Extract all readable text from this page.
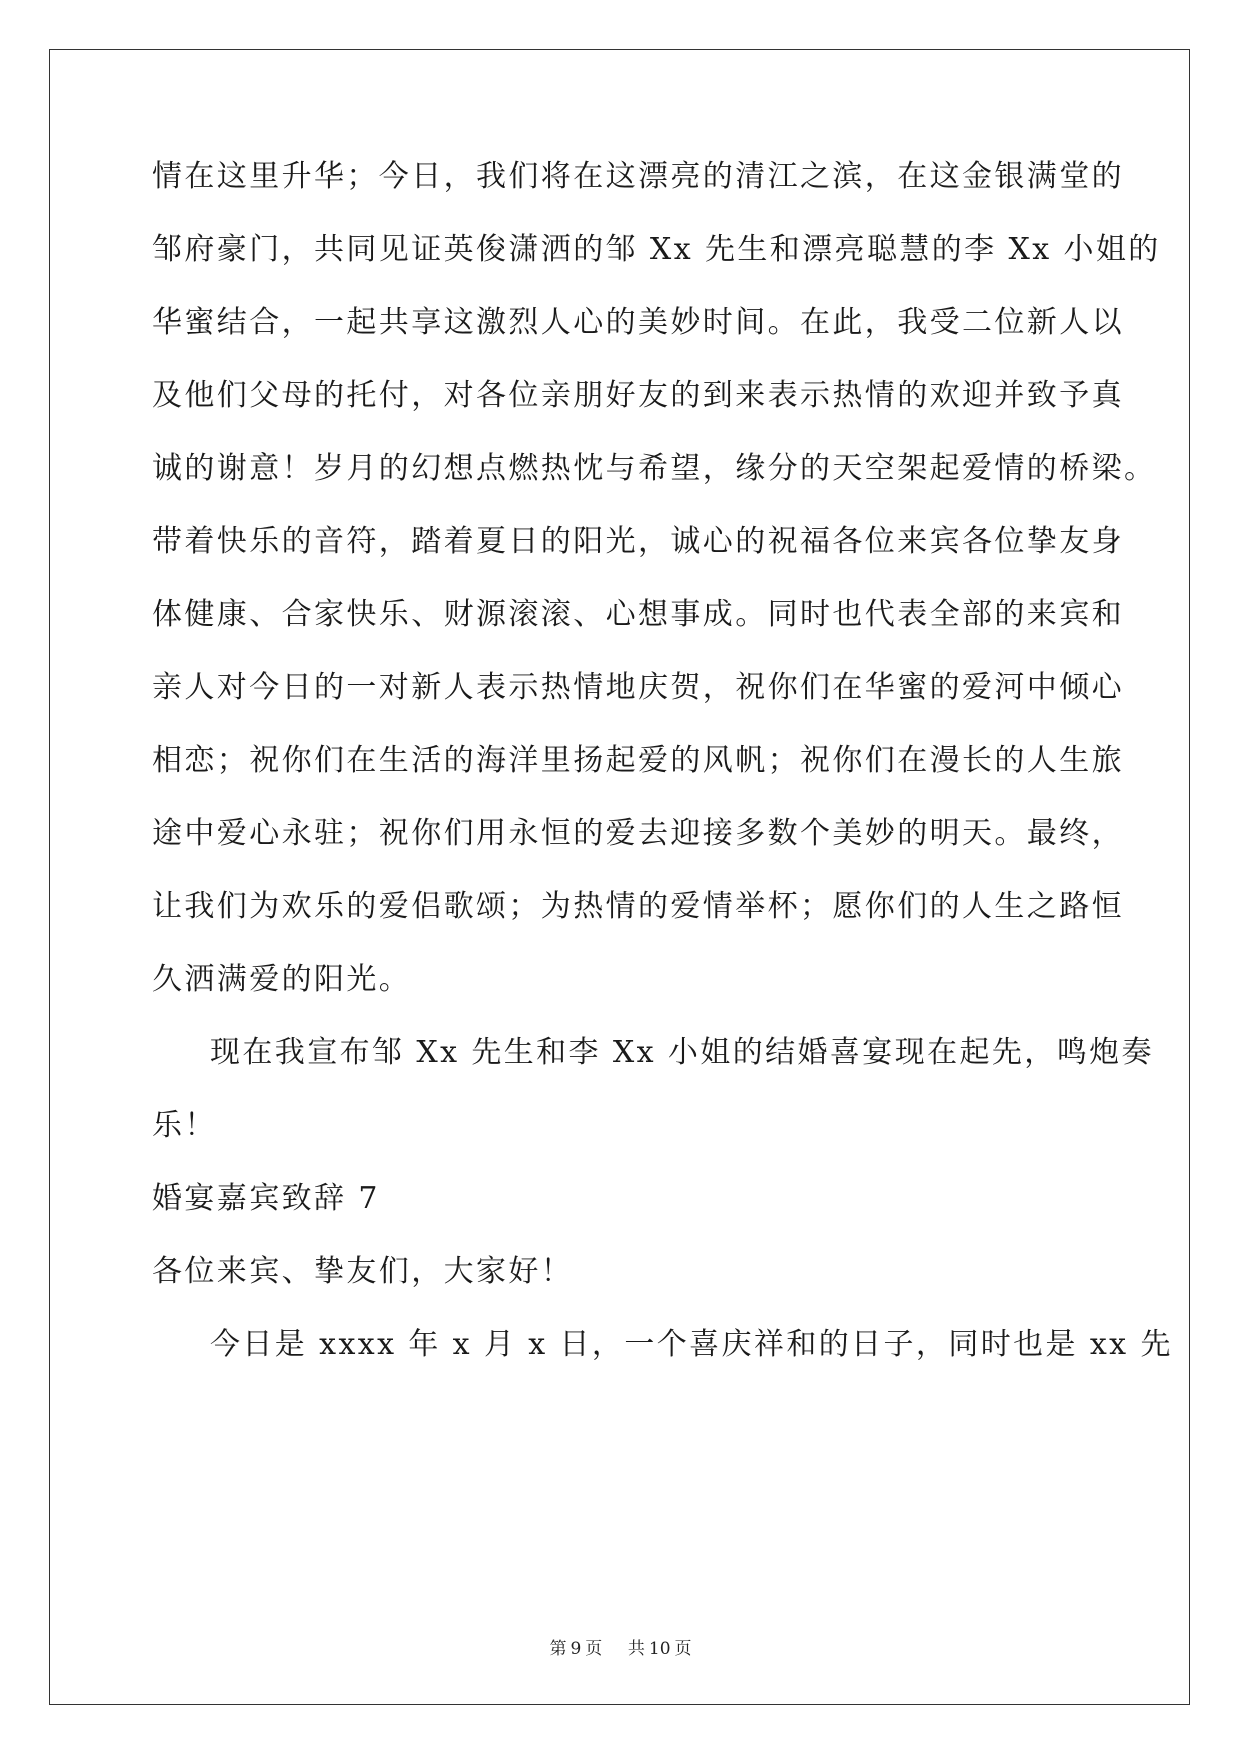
情在这里升华；今日，我们将在这漂亮的清江之滨，在这金银满堂的
邹府豪门，共同见证英俊潇洒的邹 Xx 先生和漂亮聪慧的李 Xx 小姐的
华蜜结合，一起共享这激烈人心的美妙时间。在此，我受二位新人以
及他们父母的托付，对各位亲朋好友的到来表示热情的欢迎并致予真
诚的谢意！岁月的幻想点燃热忱与希望，缘分的天空架起爱情的桥梁。
带着快乐的音符，踏着夏日的阳光，诚心的祝福各位来宾各位挚友身
体健康、合家快乐、财源滚滚、心想事成。同时也代表全部的来宾和
亲人对今日的一对新人表示热情地庆贺，祝你们在华蜜的爱河中倾心
相恋；祝你们在生活的海洋里扬起爱的风帆；祝你们在漫长的人生旅
途中爱心永驻；祝你们用永恒的爱去迎接多数个美妙的明天。最终，
让我们为欢乐的爱侣歌颂；为热情的爱情举杯；愿你们的人生之路恒
久洒满爱的阳光。
现在我宣布邹 Xx 先生和李 Xx 小姐的结婚喜宴现在起先，鸣炮奏
乐！
婚宴嘉宾致辞 7
各位来宾、挚友们，大家好！
今日是 xxxx 年 x 月 x 日，一个喜庆祥和的日子，同时也是 xx 先
第 9 页 共 10 页
